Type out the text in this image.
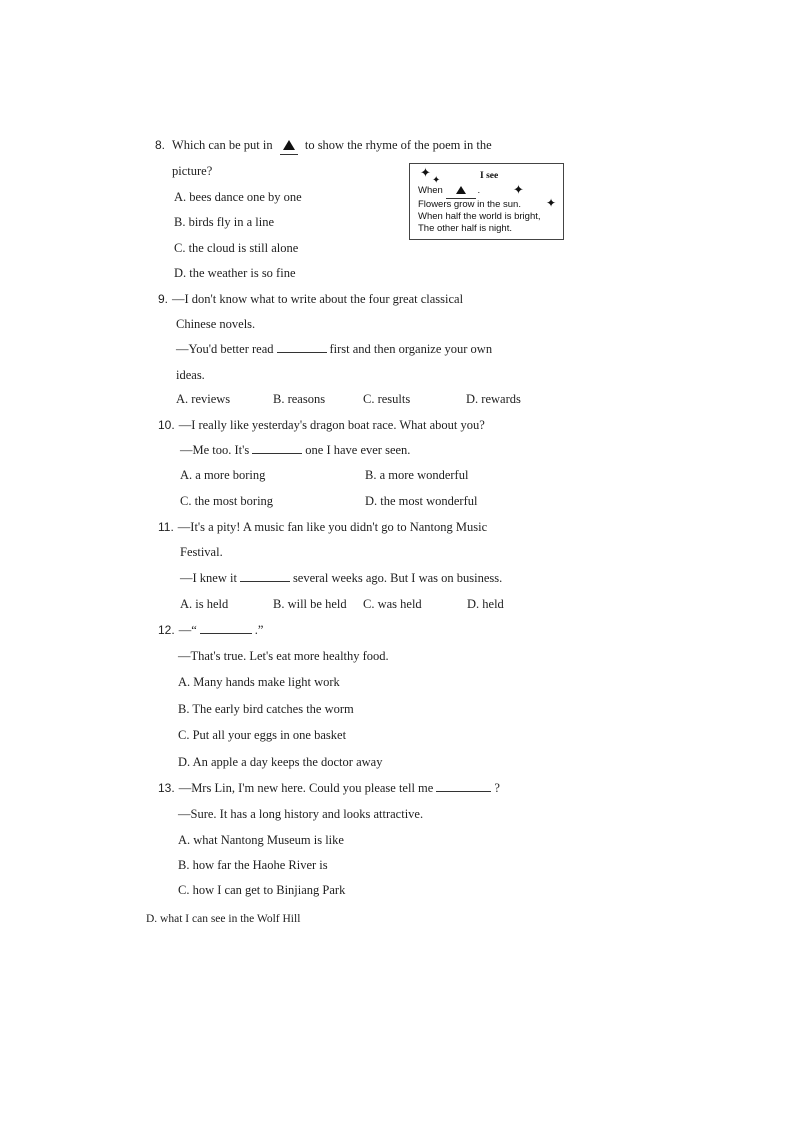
8. Which can be put in	to show the rhyme of the poem in the
picture?
A. bees dance one by one
B. birds fly in a line
C. the cloud is still alone
D. the weather is so fine
✦
✦	I see
When	.	✦
Flowers grow in the sun. ✦
When half the world is bright,
The other half is night.
9. —I don't know what to write about the four great classical
Chinese novels.
—You'd better read	first and then organize your own
ideas.
A. reviews	B. reasons	C. results	D. rewards
10. —I really like yesterday's dragon boat race. What about you?
—Me too. It's	one I have ever seen.
A. a more boring	B. a more wonderful
C. the most boring	D. the most wonderful
11. —It's a pity! A music fan like you didn't go to Nantong Music
Festival.
—I knew it	several weeks ago. But I was on business.
A. is held	B. will be held C. was held	D. held
12. —“	.”
—That's true. Let's eat more healthy food.
A. Many hands make light work
B. The early bird catches the worm
C. Put all your eggs in one basket
D. An apple a day keeps the doctor away
13. —Mrs Lin, I'm new here. Could you please tell me	?
—Sure. It has a long history and looks attractive.
A. what Nantong Museum is like
B. how far the Haohe River is
C. how I can get to Binjiang Park
D. what I can see in the Wolf Hill
